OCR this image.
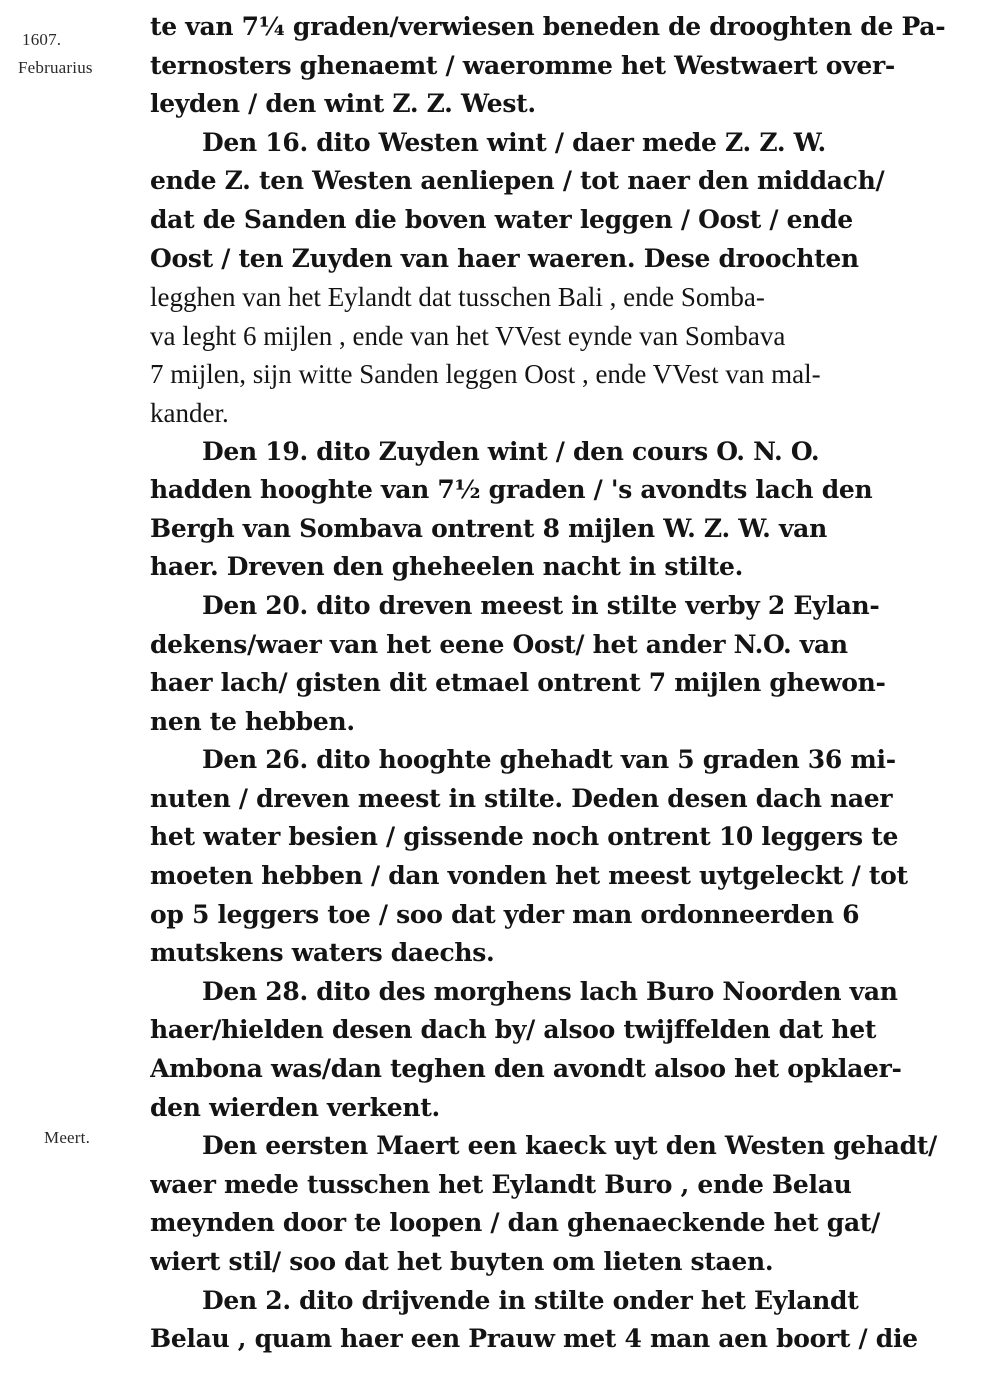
1607.
Februarius
Meert.
te van 7¼ graden/verwiesen beneden de drooghten de Pa-
ternosters ghenaemt / waeromme het Westwaert over-
leyden / den wint Z. Z. West.
Den 16. dito Westen wint / daer mede Z. Z. W.
ende Z. ten Westen aenliepen / tot naer den middach/
dat de Sanden die boven water leggen / Oost / ende
Oost / ten Zuyden van haer waeren. Dese droochten
legghen van het Eylandt dat tusschen Bali , ende Somba-
va leght 6 mijlen , ende van het VVest eynde van Sombava
7 mijlen, sijn witte Sanden leggen Oost , ende VVest van mal-
kander.
Den 19. dito Zuyden wint / den cours O. N. O.
hadden hooghte van 7½ graden / 's avondts lach den
Bergh van Sombava ontrent 8 mijlen W. Z. W. van
haer. Dreven den gheheelen nacht in stilte.
Den 20. dito dreven meest in stilte verby 2 Eylan-
dekens/waer van het eene Oost/ het ander N.O. van
haer lach/ gisten dit etmael ontrent 7 mijlen ghewon-
nen te hebben.
Den 26. dito hooghte ghehadt van 5 graden 36 mi-
nuten / dreven meest in stilte. Deden desen dach naer
het water besien / gissende noch ontrent 10 leggers te
moeten hebben / dan vonden het meest uytgeleckt / tot
op 5 leggers toe / soo dat yder man ordonneerden 6
mutskens waters daechs.
Den 28. dito des morghens lach Buro Noorden van
haer/hielden desen dach by/ alsoo twijffelden dat het
Ambona was/dan teghen den avondt alsoo het opklaer-
den wierden verkent.
Den eersten Maert een kaeck uyt den Westen gehadt/
waer mede tusschen het Eylandt Buro , ende Belau
meynden door te loopen / dan ghenaeckende het gat/
wiert stil/ soo dat het buyten om lieten staen.
Den 2. dito drijvende in stilte onder het Eylandt
Belau , quam haer een Prauw met 4 man aen boort / die
